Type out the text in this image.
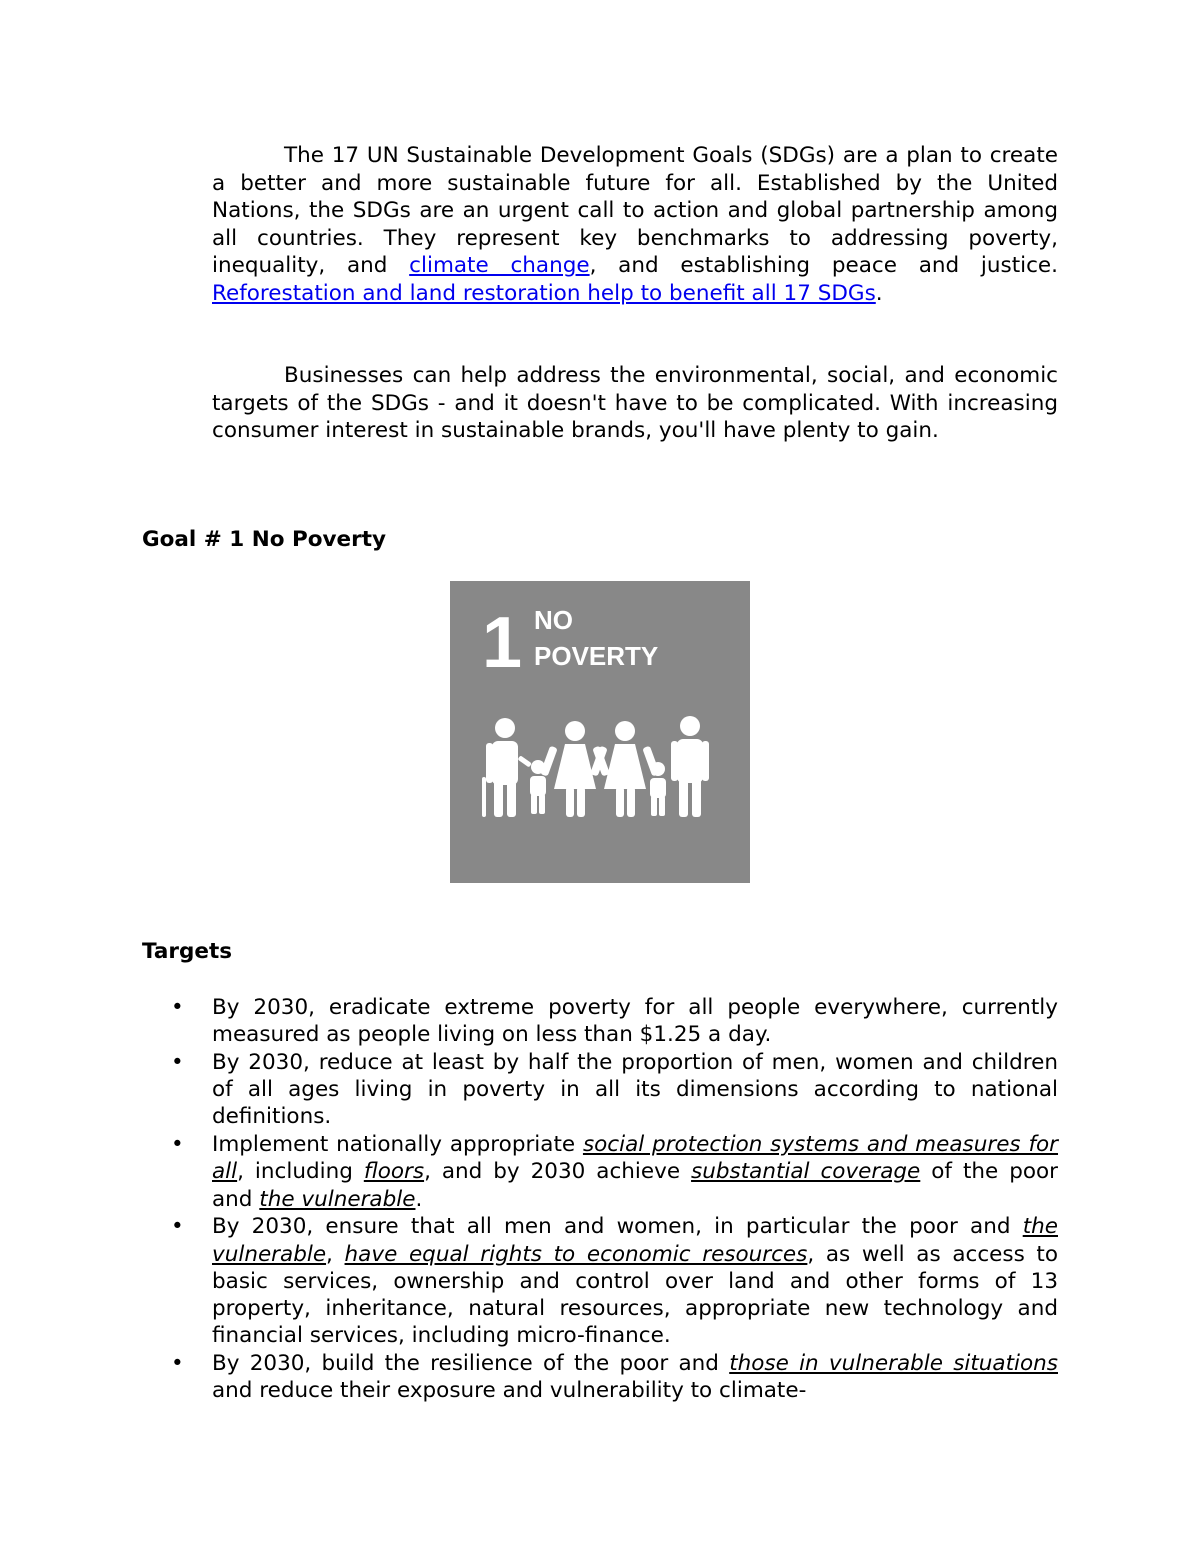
The 17 UN Sustainable Development Goals (SDGs) are a plan to create a better and more sustainable future for all. Established by the United Nations, the SDGs are an urgent call to action and global partnership among all countries. They represent key benchmarks to addressing poverty, inequality, and climate change, and establishing peace and justice. Reforestation and land restoration help to benefit all 17 SDGs.

Businesses can help address the environmental, social, and economic targets of the SDGs - and it doesn't have to be complicated. With increasing consumer interest in sustainable brands, you'll have plenty to gain.

Goal # 1 No Poverty
1 NO
POVERTY
Targets
• By 2030, eradicate extreme poverty for all people everywhere, currently measured as people living on less than $1.25 a day.
• By 2030, reduce at least by half the proportion of men, women and children of all ages living in poverty in all its dimensions according to national definitions.
• Implement nationally appropriate social protection systems and measures for all, including floors, and by 2030 achieve substantial coverage of the poor and the vulnerable.
• By 2030, ensure that all men and women, in particular the poor and the vulnerable, have equal rights to economic resources, as well as access to basic services, ownership and control over land and other forms of 13 property, inheritance, natural resources, appropriate new technology and financial services, including micro-finance.
• By 2030, build the resilience of the poor and those in vulnerable situations and reduce their exposure and vulnerability to climate-
